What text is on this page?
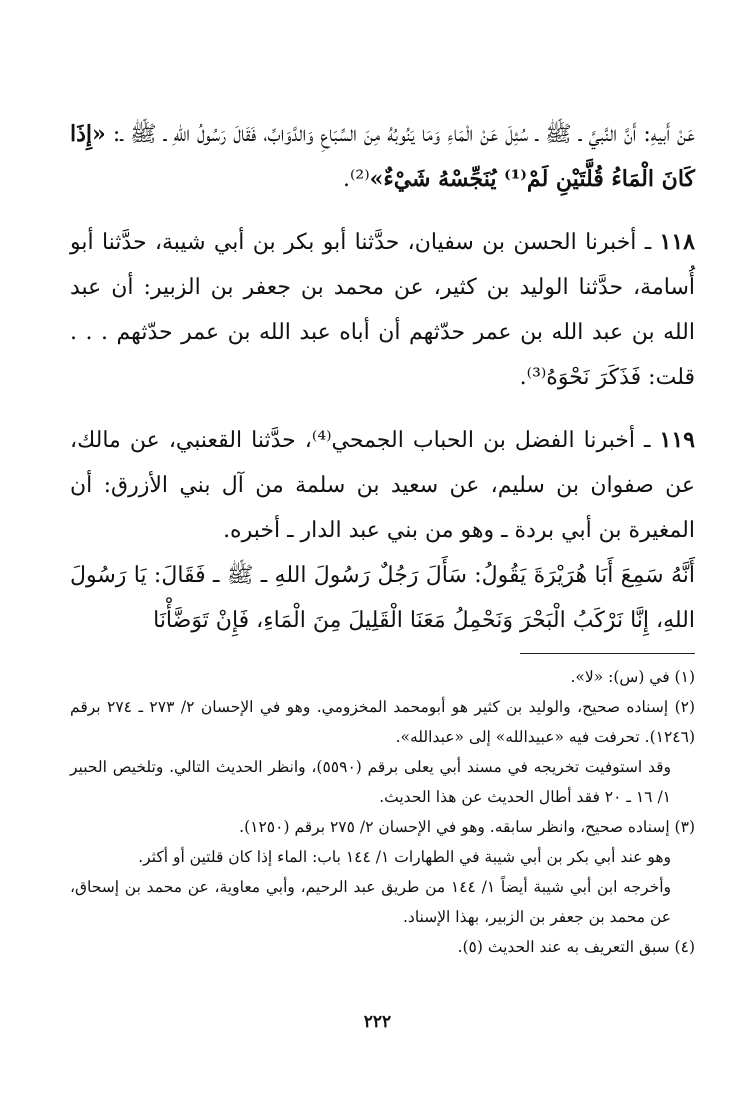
عَنْ أَبيهِ: أَنَّ النَّبيَّ ـ ﷺ ـ سُئِلَ عَنْ الْمَاءِ وَمَا يَنُوبُهُ مِنَ السِّبَاعِ وَالدَّوَابِّ، فَقَالَ رَسُولُ اللهِ ـ ﷺ ـ: «إِذَا كَانَ الْمَاءُ قُلَّتَيْنِ لَمْ⁽¹⁾ يُنَجِّسْهُ شَيْءٌ»⁽²⁾.

١١٨ ـ أخبرنا الحسن بن سفيان، حدَّثنا أبو بكر بن أبي شيبة، حدَّثنا أبو أُسامة، حدَّثنا الوليد بن كثير، عن محمد بن جعفر بن الزبير: أن عبد الله بن عبد الله بن عمر حدّثهم أن أباه عبد الله بن عمر حدّثهم . . . قلت: فَذَكَرَ نَحْوَهُ⁽³⁾.

١١٩ ـ أخبرنا الفضل بن الحباب الجمحي⁽⁴⁾، حدَّثنا القعنبي، عن مالك، عن صفوان بن سليم، عن سعيد بن سلمة من آل بني الأزرق: أن المغيرة بن أبي بردة ـ وهو من بني عبد الدار ـ أخبره.

أَنَّهُ سَمِعَ أَبَا هُرَيْرَةَ يَقُولُ: سَأَلَ رَجُلٌ رَسُولَ اللهِ ـ ﷺ ـ فَقَالَ: يَا رَسُولَ اللهِ، إِنَّا نَرْكَبُ الْبَحْرَ وَنَحْمِلُ مَعَنَا الْقَلِيلَ مِنَ الْمَاءِ، فَإِنْ تَوَضَّأْنَا

(١) في (س): «لا».

(٢) إسناده صحيح، والوليد بن كثير هو أبومحمد المخزومي. وهو في الإحسان ٢/ ٢٧٣ ـ ٢٧٤ برقم (١٢٤٦). تحرفت فيه «عبيدالله» إلى «عبدالله».

وقد استوفيت تخريجه في مسند أبي يعلى برقم (٥٥٩٠)، وانظر الحديث التالي. وتلخيص الحبير ١/ ١٦ ـ ٢٠ فقد أطال الحديث عن هذا الحديث.

(٣) إسناده صحيح، وانظر سابقه. وهو في الإحسان ٢/ ٢٧٥ برقم (١٢٥٠).

وهو عند أبي بكر بن أبي شيبة في الطهارات ١/ ١٤٤ باب: الماء إذا كان قلتين أو أكثر.

وأخرجه ابن أبي شيبة أيضاً ١/ ١٤٤ من طريق عبد الرحيم، وأبي معاوية، عن محمد بن إسحاق، عن محمد بن جعفر بن الزبير، بهذا الإسناد.

(٤) سبق التعريف به عند الحديث (٥).

٢٢٢
